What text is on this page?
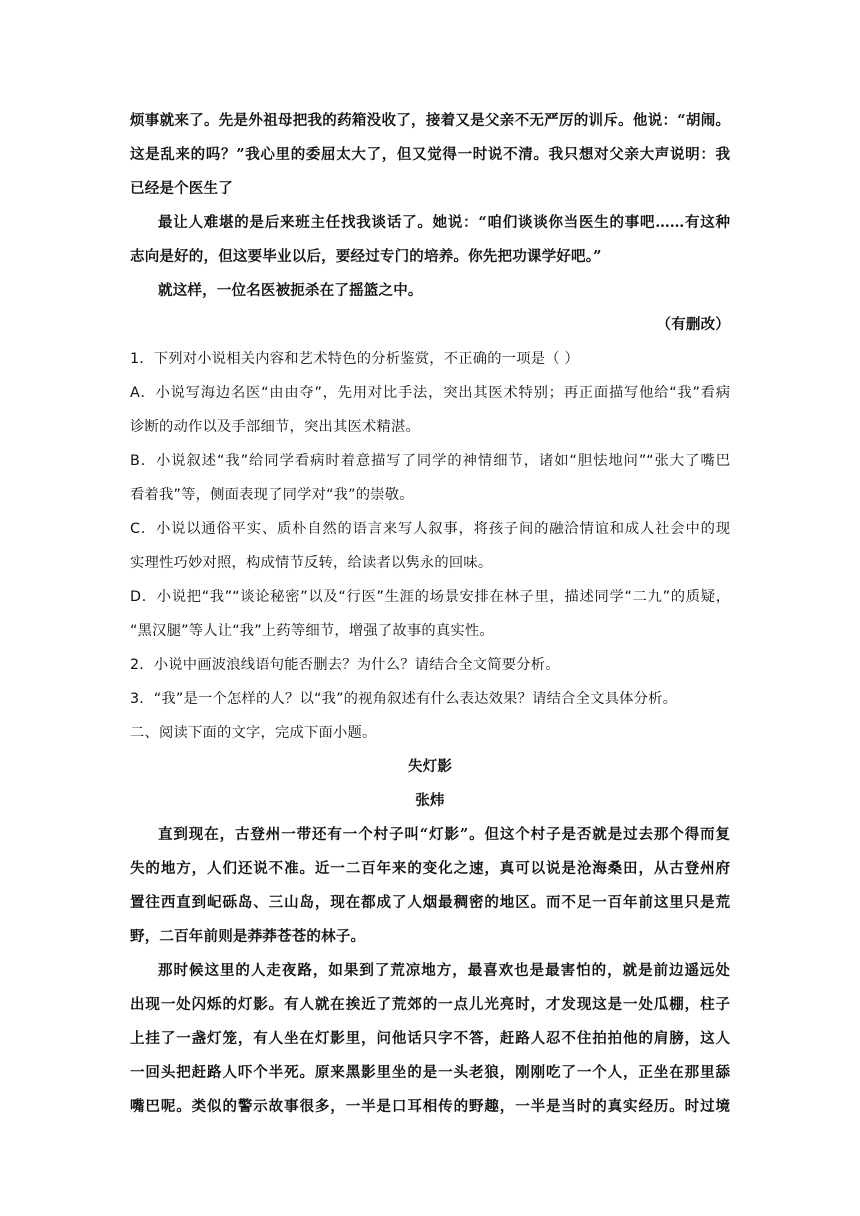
烦事就来了。先是外祖母把我的药箱没收了，接着又是父亲不无严厉的训斥。他说：“胡闹。
这是乱来的吗？”我心里的委屈太大了，但又觉得一时说不清。我只想对父亲大声说明：我
已经是个医生了
最让人难堪的是后来班主任找我谈话了。她说：“咱们谈谈你当医生的事吧……有这种
志向是好的，但这要毕业以后，要经过专门的培养。你先把功课学好吧。”
就这样，一位名医被扼杀在了摇篮之中。
（有删改）
1．下列对小说相关内容和艺术特色的分析鉴赏，不正确的一项是（ ）
A．小说写海边名医“由由夺”，先用对比手法，突出其医术特别；再正面描写他给“我”看病
诊断的动作以及手部细节，突出其医术精湛。
B．小说叙述“我”给同学看病时着意描写了同学的神情细节，诸如“胆怯地问”“张大了嘴巴
看着我”等，侧面表现了同学对“我”的崇敬。
C．小说以通俗平实、质朴自然的语言来写人叙事，将孩子间的融洽情谊和成人社会中的现
实理性巧妙对照，构成情节反转，给读者以隽永的回味。
D．小说把“我”“谈论秘密”以及“行医”生涯的场景安排在林子里，描述同学“二九”的质疑，
“黑汉腿”等人让“我”上药等细节，增强了故事的真实性。
2．小说中画波浪线语句能否删去？为什么？请结合全文简要分析。
3．“我”是一个怎样的人？以“我”的视角叙述有什么表达效果？请结合全文具体分析。
二、阅读下面的文字，完成下面小题。
失灯影
张炜
直到现在，古登州一带还有一个村子叫“灯影”。但这个村子是否就是过去那个得而复
失的地方，人们还说不准。近一二百年来的变化之速，真可以说是沧海桑田，从古登州府
置往西直到屺砾岛、三山岛，现在都成了人烟最稠密的地区。而不足一百年前这里只是荒
野，二百年前则是莽莽苍苍的林子。
那时候这里的人走夜路，如果到了荒凉地方，最喜欢也是最害怕的，就是前边遥远处
出现一处闪烁的灯影。有人就在挨近了荒郊的一点儿光亮时，才发现这是一处瓜棚，柱子
上挂了一盏灯笼，有人坐在灯影里，问他话只字不答，赶路人忍不住拍拍他的肩膀，这人
一回头把赶路人吓个半死。原来黑影里坐的是一头老狼，刚刚吃了一个人，正坐在那里舔
嘴巴呢。类似的警示故事很多，一半是口耳相传的野趣，一半是当时的真实经历。时过境
